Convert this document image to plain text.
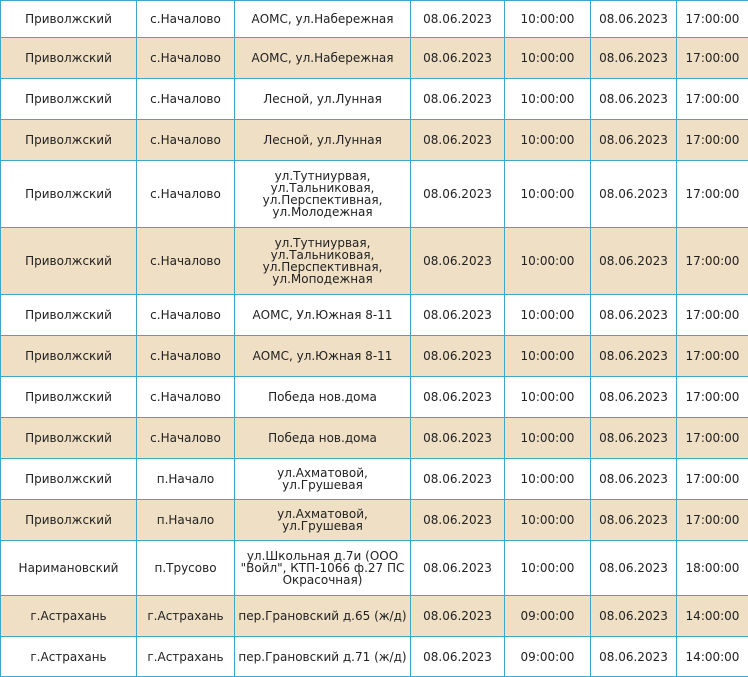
Приволжский	с.Началово	АОМС, ул.Набережная	08.06.2023	10:00:00	08.06.2023	17:00:00
Приволжский	с.Началово	АОМС, ул.Набережная	08.06.2023	10:00:00	08.06.2023	17:00:00
Приволжский	с.Началово	Лесной, ул.Лунная	08.06.2023	10:00:00	08.06.2023	17:00:00
Приволжский	с.Началово	Лесной, ул.Лунная	08.06.2023	10:00:00	08.06.2023	17:00:00
Приволжский	с.Началово	ул.Тутниурвая,
ул.Тальниковая,
ул.Перспективная,
ул.Молодежная	08.06.2023	10:00:00	08.06.2023	17:00:00
Приволжский	с.Началово	ул.Тутниурвая,
ул.Тальниковая,
ул.Перспективная,
ул.Моподежная	08.06.2023	10:00:00	08.06.2023	17:00:00
Приволжский	с.Началово	АОМС, Ул.Южная 8-11	08.06.2023	10:00:00	08.06.2023	17:00:00
Приволжский	с.Началово	АОМС, ул.Южная 8-11	08.06.2023	10:00:00	08.06.2023	17:00:00
Приволжский	с.Началово	Победа нов.дома	08.06.2023	10:00:00	08.06.2023	17:00:00
Приволжский	с.Началово	Победа нов.дома	08.06.2023	10:00:00	08.06.2023	17:00:00
Приволжский	п.Начало	ул.Ахматовой, ул.Грушевая	08.06.2023	10:00:00	08.06.2023	17:00:00
Приволжский	п.Начало	ул.Ахматовой, ул.Грушевая	08.06.2023	10:00:00	08.06.2023	17:00:00
Наримановский	п.Трусово	ул.Школьная д.7и (ООО
"Войл", КТП-1066 ф.27 ПС
Окрасочная)	08.06.2023	10:00:00	08.06.2023	18:00:00
г.Астрахань	г.Астрахань	пер.Грановский д.65 (ж/д)	08.06.2023	09:00:00	08.06.2023	14:00:00
г.Астрахань	г.Астрахань	пер.Грановский д.71 (ж/д)	08.06.2023	09:00:00	08.06.2023	14:00:00
